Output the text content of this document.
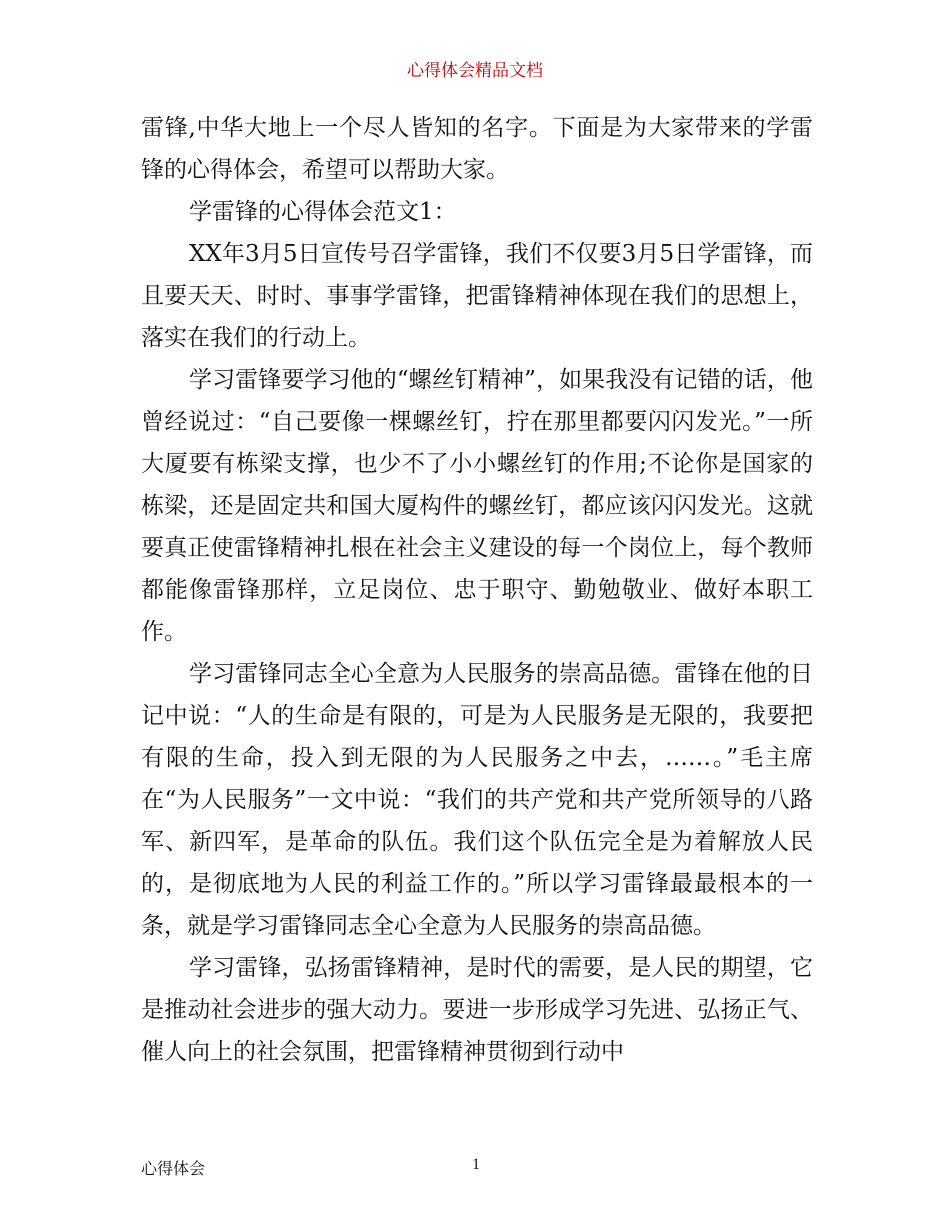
心得体会精品文档

雷锋,中华大地上一个尽人皆知的名字。下面是为大家带来的学雷锋的心得体会，希望可以帮助大家。

学雷锋的心得体会范文1：

XX年3月5日宣传号召学雷锋，我们不仅要3月5日学雷锋，而且要天天、时时、事事学雷锋，把雷锋精神体现在我们的思想上，落实在我们的行动上。

学习雷锋要学习他的“螺丝钉精神”，如果我没有记错的话，他曾经说过：“自己要像一棵螺丝钉，拧在那里都要闪闪发光。”一所大厦要有栋梁支撑，也少不了小小螺丝钉的作用;不论你是国家的栋梁，还是固定共和国大厦构件的螺丝钉，都应该闪闪发光。这就要真正使雷锋精神扎根在社会主义建设的每一个岗位上，每个教师都能像雷锋那样，立足岗位、忠于职守、勤勉敬业、做好本职工作。

学习雷锋同志全心全意为人民服务的崇高品德。雷锋在他的日记中说：“人的生命是有限的，可是为人民服务是无限的，我要把有限的生命，投入到无限的为人民服务之中去，……。”毛主席在“为人民服务”一文中说：“我们的共产党和共产党所领导的八路军、新四军，是革命的队伍。我们这个队伍完全是为着解放人民的，是彻底地为人民的利益工作的。”所以学习雷锋最最根本的一条，就是学习雷锋同志全心全意为人民服务的崇高品德。

学习雷锋，弘扬雷锋精神，是时代的需要，是人民的期望，它是推动社会进步的强大动力。要进一步形成学习先进、弘扬正气、催人向上的社会氛围，把雷锋精神贯彻到行动中

心得体会	1
